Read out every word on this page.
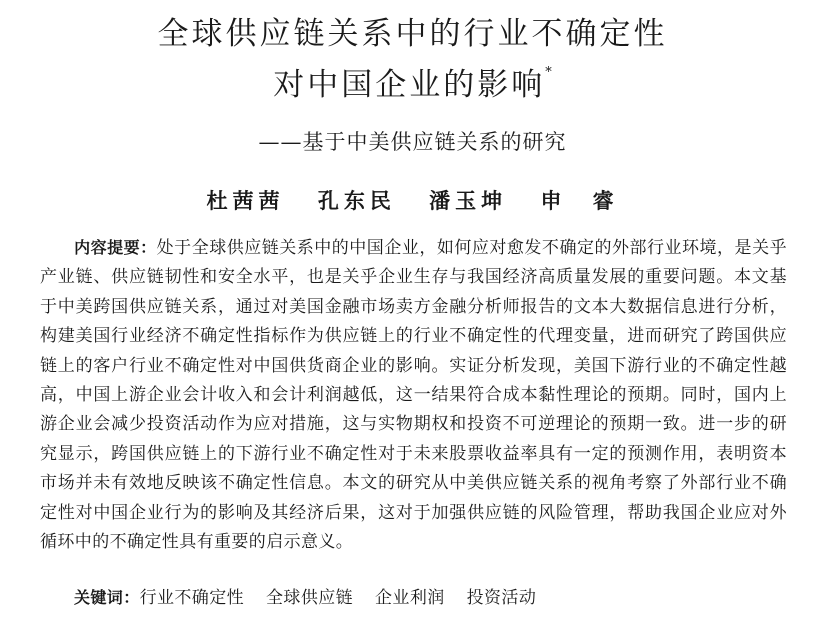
全球供应链关系中的行业不确定性
对中国企业的影响*
——基于中美供应链关系的研究
杜茜茜 孔东民 潘玉坤 申　睿
内容提要：处于全球供应链关系中的中国企业，如何应对愈发不确定的外部行业环境，是关乎产业链、供应链韧性和安全水平，也是关乎企业生存与我国经济高质量发展的重要问题。本文基于中美跨国供应链关系，通过对美国金融市场卖方金融分析师报告的文本大数据信息进行分析，构建美国行业经济不确定性指标作为供应链上的行业不确定性的代理变量，进而研究了跨国供应链上的客户行业不确定性对中国供货商企业的影响。实证分析发现，美国下游行业的不确定性越高，中国上游企业会计收入和会计利润越低，这一结果符合成本黏性理论的预期。同时，国内上游企业会减少投资活动作为应对措施，这与实物期权和投资不可逆理论的预期一致。进一步的研究显示，跨国供应链上的下游行业不确定性对于未来股票收益率具有一定的预测作用，表明资本市场并未有效地反映该不确定性信息。本文的研究从中美供应链关系的视角考察了外部行业不确定性对中国企业行为的影响及其经济后果，这对于加强供应链的风险管理，帮助我国企业应对外循环中的不确定性具有重要的启示意义。
关键词：行业不确定性 全球供应链 企业利润 投资活动
